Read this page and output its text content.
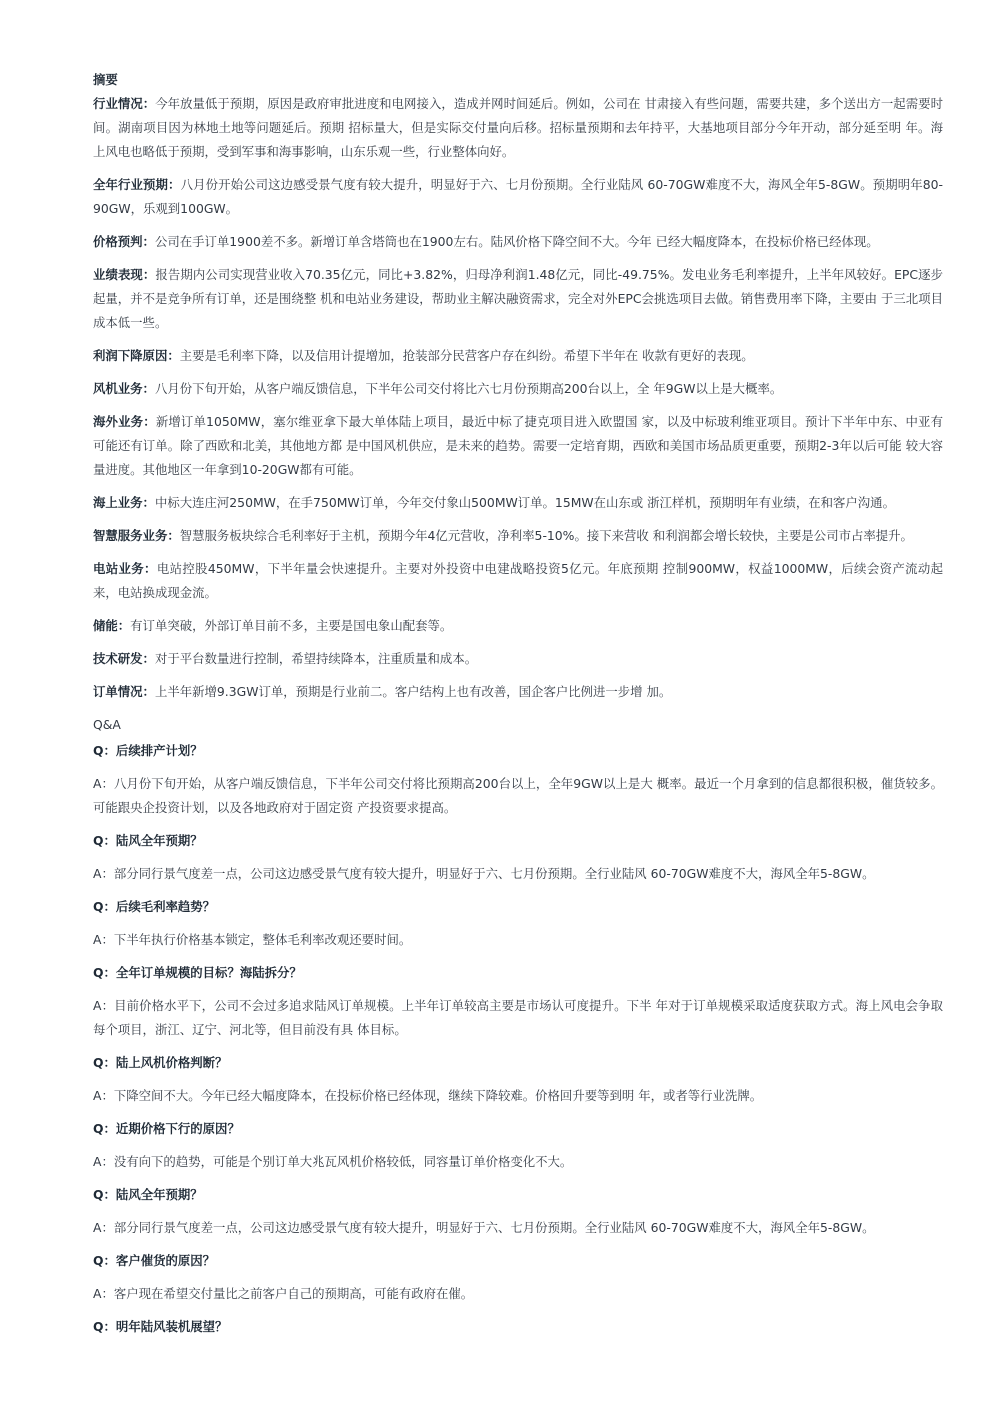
摘要
行业情况：今年放量低于预期，原因是政府审批进度和电网接入，造成并网时间延后。例如，公司在 甘肃接入有些问题，需要共建，多个送出方一起需要时间。湖南项目因为林地土地等问题延后。预期 招标量大，但是实际交付量向后移。招标量预期和去年持平，大基地项目部分今年开动，部分延至明 年。海上风电也略低于预期，受到军事和海事影响，山东乐观一些，行业整体向好。
全年行业预期：八月份开始公司这边感受景气度有较大提升，明显好于六、七月份预期。全行业陆风 60-70GW难度不大，海风全年5-8GW。预期明年80-90GW，乐观到100GW。
价格预判：公司在手订单1900差不多。新增订单含塔筒也在1900左右。陆风价格下降空间不大。今年 已经大幅度降本，在投标价格已经体现。
业绩表现：报告期内公司实现营业收入70.35亿元，同比+3.82%，归母净利润1.48亿元，同比-49.75%。发电业务毛利率提升，上半年风较好。EPC逐步起量，并不是竞争所有订单，还是围绕整 机和电站业务建设，帮助业主解决融资需求，完全对外EPC会挑选项目去做。销售费用率下降，主要由 于三北项目 成本低一些。
利润下降原因：主要是毛利率下降，以及信用计提增加，抢装部分民营客户存在纠纷。希望下半年在 收款有更好的表现。
风机业务：八月份下旬开始，从客户端反馈信息，下半年公司交付将比六七月份预期高200台以上，全 年9GW以上是大概率。
海外业务：新增订单1050MW，塞尔维亚拿下最大单体陆上项目，最近中标了捷克项目进入欧盟国 家，以及中标玻利维亚项目。预计下半年中东、中亚有可能还有订单。除了西欧和北美，其他地方都 是中国风机供应，是未来的趋势。需要一定培育期，西欧和美国市场品质更重要，预期2-3年以后可能 较大容量进度。其他地区一年拿到10-20GW都有可能。
海上业务：中标大连庄河250MW，在手750MW订单，今年交付象山500MW订单。15MW在山东或 浙江样机，预期明年有业绩，在和客户沟通。
智慧服务业务：智慧服务板块综合毛利率好于主机，预期今年4亿元营收，净利率5-10%。接下来营收 和利润都会增长较快，主要是公司市占率提升。
电站业务：电站控股450MW，下半年量会快速提升。主要对外投资中电建战略投资5亿元。年底预期 控制900MW，权益1000MW，后续会资产流动起来，电站换成现金流。
储能：有订单突破，外部订单目前不多，主要是国电象山配套等。
技术研发：对于平台数量进行控制，希望持续降本，注重质量和成本。
订单情况：上半年新增9.3GW订单，预期是行业前二。客户结构上也有改善，国企客户比例进一步增 加。
Q&A
Q：后续排产计划？
A：八月份下旬开始，从客户端反馈信息，下半年公司交付将比预期高200台以上，全年9GW以上是大 概率。最近一个月拿到的信息都很积极，催货较多。可能跟央企投资计划，以及各地政府对于固定资 产投资要求提高。
Q：陆风全年预期？
A：部分同行景气度差一点，公司这边感受景气度有较大提升，明显好于六、七月份预期。全行业陆风 60-70GW难度不大，海风全年5-8GW。
Q：后续毛利率趋势？
A：下半年执行价格基本锁定，整体毛利率改观还要时间。
Q：全年订单规模的目标？海陆拆分？
A：目前价格水平下，公司不会过多追求陆风订单规模。上半年订单较高主要是市场认可度提升。下半 年对于订单规模采取适度获取方式。海上风电会争取每个项目，浙江、辽宁、河北等，但目前没有具 体目标。
Q：陆上风机价格判断？
A：下降空间不大。今年已经大幅度降本，在投标价格已经体现，继续下降较难。价格回升要等到明 年，或者等行业洗牌。
Q：近期价格下行的原因？
A：没有向下的趋势，可能是个别订单大兆瓦风机价格较低，同容量订单价格变化不大。
Q：陆风全年预期？
A：部分同行景气度差一点，公司这边感受景气度有较大提升，明显好于六、七月份预期。全行业陆风 60-70GW难度不大，海风全年5-8GW。
Q：客户催货的原因？
A：客户现在希望交付量比之前客户自己的预期高，可能有政府在催。
Q：明年陆风装机展望？
